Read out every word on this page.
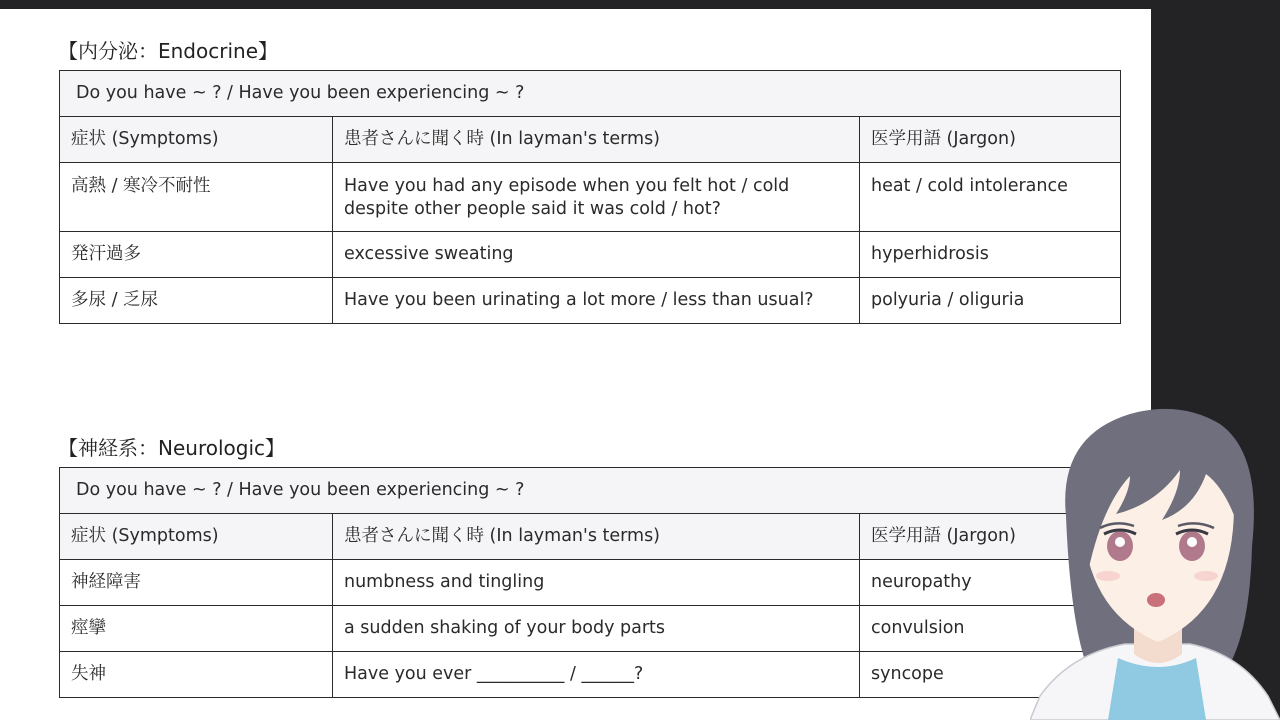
【内分泌：Endocrine】
Do you have ~ ? / Have you been experiencing ~ ?		
症状 (Symptoms)	患者さんに聞く時 (In layman's terms)	医学用語 (Jargon)
高熱 / 寒冷不耐性	Have you had any episode when you felt hot / cold despite other people said it was cold / hot?	heat / cold intolerance
発汗過多	excessive sweating	hyperhidrosis
多尿 / 乏尿	Have you been urinating a lot more / less than usual?	polyuria / oliguria
【神経系：Neurologic】
Do you have ~ ? / Have you been experiencing ~ ?		
症状 (Symptoms)	患者さんに聞く時 (In layman's terms)	医学用語 (Jargon)
神経障害	numbness and tingling	neuropathy
痙攣	a sudden shaking of your body parts	convulsion
失神	Have you ever __________ / ______?	syncope
